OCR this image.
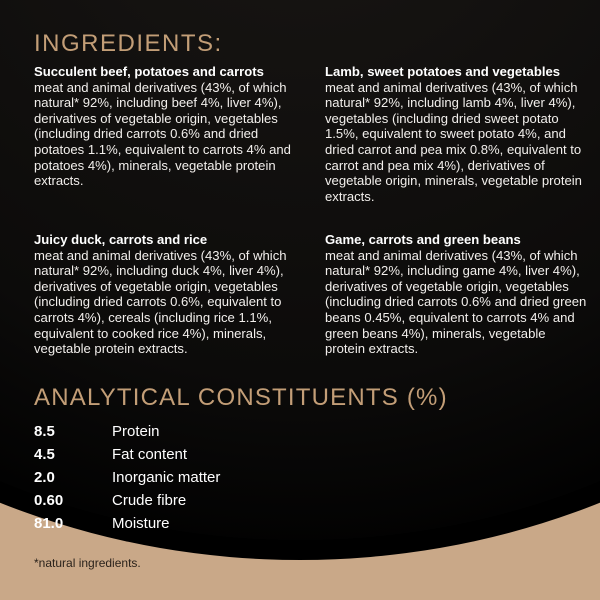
INGREDIENTS:
Succulent beef, potatoes and carrots
meat and animal derivatives (43%, of which natural* 92%, including beef 4%, liver 4%), derivatives of vegetable origin, vegetables (including dried carrots 0.6% and dried potatoes 1.1%, equivalent to carrots 4% and potatoes 4%), minerals, vegetable protein extracts.
Lamb, sweet potatoes and vegetables
meat and animal derivatives (43%, of which natural* 92%, including lamb 4%, liver 4%), vegetables (including dried sweet potato 1.5%, equivalent to sweet potato 4%, and dried carrot and pea mix 0.8%, equivalent to carrot and pea mix 4%), derivatives of vegetable origin, minerals, vegetable protein extracts.
Juicy duck, carrots and rice
meat and animal derivatives (43%, of which natural* 92%, including duck 4%, liver 4%), derivatives of vegetable origin, vegetables (including dried carrots 0.6%, equivalent to carrots 4%), cereals (including rice 1.1%, equivalent to cooked rice 4%), minerals, vegetable protein extracts.
Game, carrots and green beans
meat and animal derivatives (43%, of which natural* 92%, including game 4%, liver 4%), derivatives of vegetable origin, vegetables (including dried carrots 0.6% and dried green beans 0.45%, equivalent to carrots 4% and green beans 4%), minerals, vegetable protein extracts.
ANALYTICAL CONSTITUENTS (%)
8.5	Protein
4.5	Fat content
2.0	Inorganic matter
0.60	Crude fibre
81.0	Moisture
*natural ingredients.
